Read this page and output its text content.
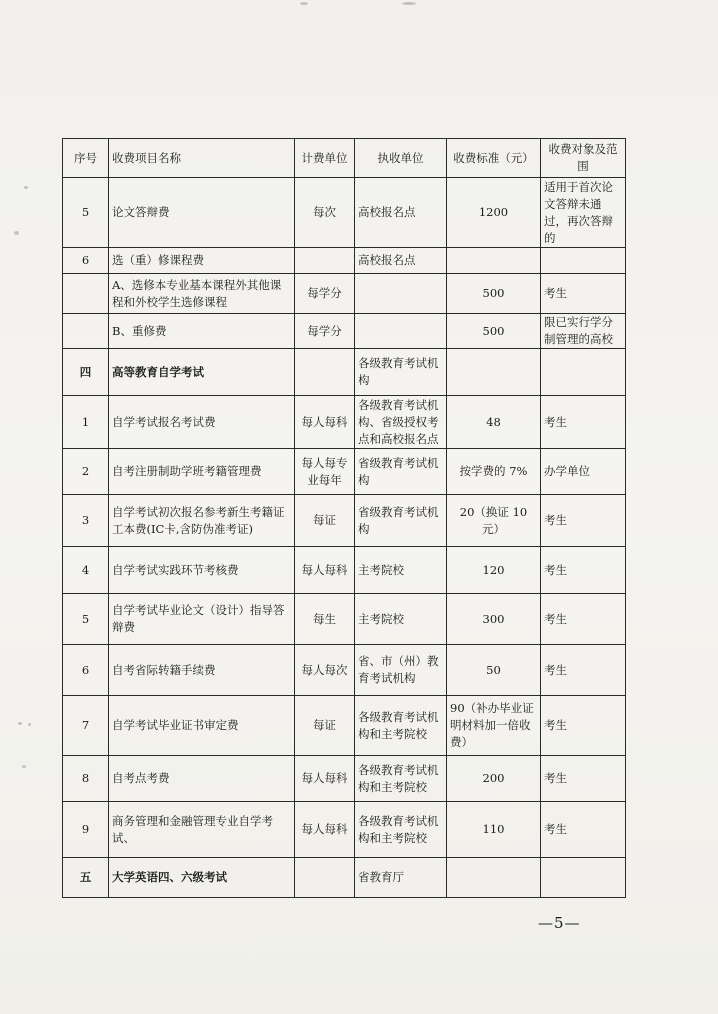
序号	收费项目名称	计费单位	执收单位	收费标准（元）	收费对象及范围
5	论文答辩费	每次	高校报名点	1200	适用于首次论文答辩未通过，再次答辩的
6	选（重）修课程费		高校报名点		
	A、选修本专业基本课程外其他课程和外校学生选修课程	每学分		500	考生
	B、重修费	每学分		500	限已实行学分制管理的高校
四	高等教育自学考试		各级教育考试机构		
1	自学考试报名考试费	每人每科	各级教育考试机构、省级授权考点和高校报名点	48	考生
2	自考注册制助学班考籍管理费	每人每专业每年	省级教育考试机构	按学费的 7%	办学单位
3	自学考试初次报名参考新生考籍证工本费(IC卡,含防伪准考证)	每证	省级教育考试机构	20（换证 10 元）	考生
4	自学考试实践环节考核费	每人每科	主考院校	120	考生
5	自学考试毕业论文（设计）指导答辩费	每生	主考院校	300	考生
6	自考省际转籍手续费	每人每次	省、市（州）教育考试机构	50	考生
7	自学考试毕业证书审定费	每证	各级教育考试机构和主考院校	90（补办毕业证明材料加一倍收费）	考生
8	自考点考费	每人每科	各级教育考试机构和主考院校	200	考生
9	商务管理和金融管理专业自学考试、	每人每科	各级教育考试机构和主考院校	110	考生
五	大学英语四、六级考试		省教育厅		
—5—
